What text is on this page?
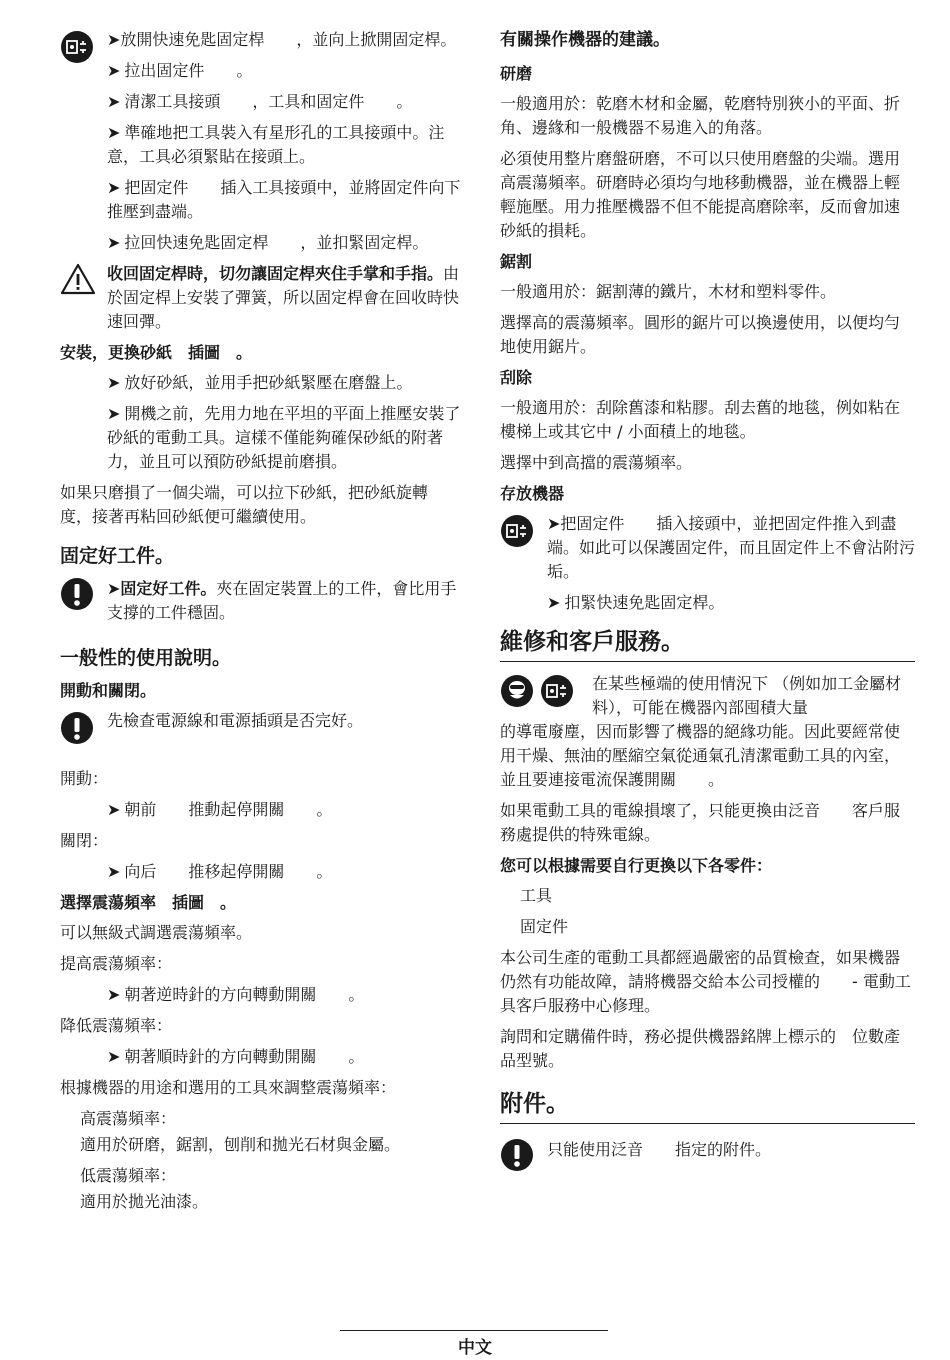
➤放開快速免匙固定桿　　，並向上掀開固定桿。
➤ 拉出固定件　　。
➤ 清潔工具接頭　　，工具和固定件　　。
➤ 準確地把工具裝入有星形孔的工具接頭中。注意，工具必須緊貼在接頭上。
➤ 把固定件　　插入工具接頭中，並將固定件向下推壓到盡端。
➤ 拉回快速免匙固定桿　　，並扣緊固定桿。
收回固定桿時，切勿讓固定桿夾住手掌和手指。由於固定桿上安裝了彈簧，所以固定桿會在回收時快速回彈。
安裝，更換砂紙　插圖　。
➤ 放好砂紙，並用手把砂紙緊壓在磨盤上。
➤ 開機之前，先用力地在平坦的平面上推壓安裝了砂紙的電動工具。這樣不僅能夠確保砂紙的附著力，並且可以預防砂紙提前磨損。

如果只磨損了一個尖端，可以拉下砂紙，把砂紙旋轉　　度，接著再粘回砂紙便可繼續使用。

固定好工件。
➤固定好工件。夾在固定裝置上的工件，會比用手支撐的工件穩固。
一般性的使用說明。
開動和關閉。
先檢查電源線和電源插頭是否完好。

開動：

➤ 朝前　　推動起停開關　　。

關閉：

➤ 向后　　推移起停開關　　。
選擇震蕩頻率　插圖　。

可以無級式調選震蕩頻率。

提高震蕩頻率：

➤ 朝著逆時針的方向轉動開關　　。

降低震蕩頻率：

➤ 朝著順時針的方向轉動開關　　。

根據機器的用途和選用的工具來調整震蕩頻率：

高震蕩頻率：

適用於研磨，鋸割，刨削和拋光石材與金屬。

低震蕩頻率：

適用於拋光油漆。

有關操作機器的建議。
研磨

一般適用於：乾磨木材和金屬，乾磨特別狹小的平面、折角、邊緣和一般機器不易進入的角落。

必須使用整片磨盤研磨，不可以只使用磨盤的尖端。選用高震蕩頻率。研磨時必須均勻地移動機器，並在機器上輕輕施壓。用力推壓機器不但不能提高磨除率，反而會加速砂紙的損耗。

鋸割

一般適用於：鋸割薄的鐵片，木材和塑料零件。

選擇高的震蕩頻率。圓形的鋸片可以換邊使用，以便均勻地使用鋸片。

刮除

一般適用於：刮除舊漆和粘膠。刮去舊的地毯，例如粘在樓梯上或其它中 / 小面積上的地毯。

選擇中到高擋的震蕩頻率。

存放機器
➤把固定件　　插入接頭中，並把固定件推入到盡端。如此可以保護固定件，而且固定件上不會沾附污垢。
➤ 扣緊快速免匙固定桿。
維修和客戶服務。
在某些極端的使用情況下 （例如加工金屬材料），可能在機器內部囤積大量

的導電廢塵，因而影響了機器的絕緣功能。因此要經常使用干燥、無油的壓縮空氣從通氣孔清潔電動工具的內室，並且要連接電流保護開關　　。

如果電動工具的電線損壞了，只能更換由泛音　　客戶服務處提供的特殊電線。

您可以根據需要自行更換以下各零件：

工具

固定件

本公司生產的電動工具都經過嚴密的品質檢查，如果機器仍然有功能故障，請將機器交給本公司授權的　　- 電動工具客戶服務中心修理。

詢問和定購備件時，務必提供機器銘牌上標示的　位數產品型號。

附件。
只能使用泛音　　指定的附件。
中文
